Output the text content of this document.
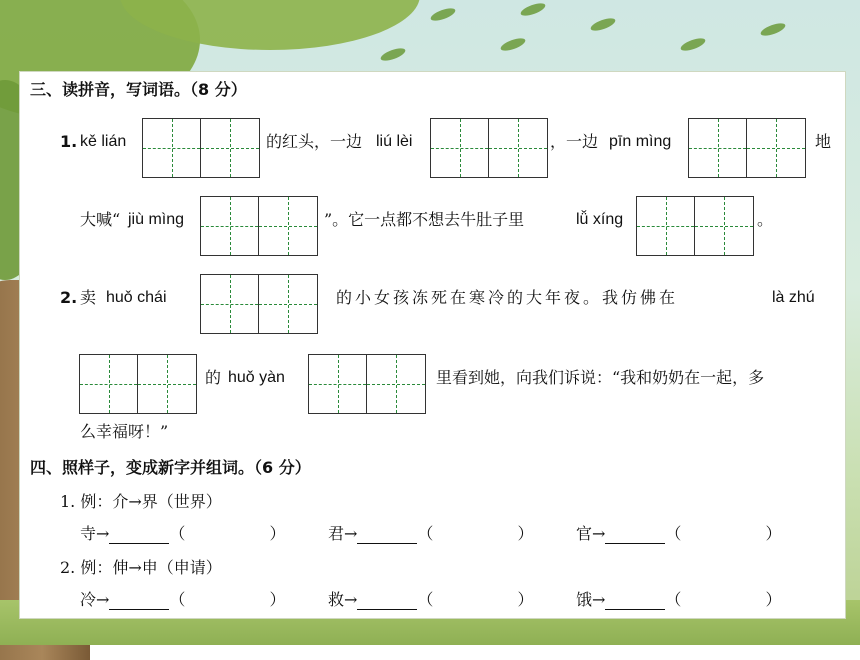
三、读拼音，写词语。（8 分）
1. kě lián	的红头，一边 liú lèi	，一边 pīn mìng	地
大喊“ jiù mìng	”。它一点都不想去牛肚子里	lǚ xíng	。
2. 卖 huǒ chái	的小女孩冻死在寒冷的大年夜。我仿佛在	là zhú
的 huǒ yàn	里看到她，向我们诉说：“我和奶奶在一起，多
么幸福呀！”
四、照样子，变成新字并组词。（6 分）
1. 例：介→界（世界）
寺→	（	）	君→	（	）	官→	（	）
2. 例：伸→申（申请）
冷→	（	）	救→	（	）	饿→	（	）
